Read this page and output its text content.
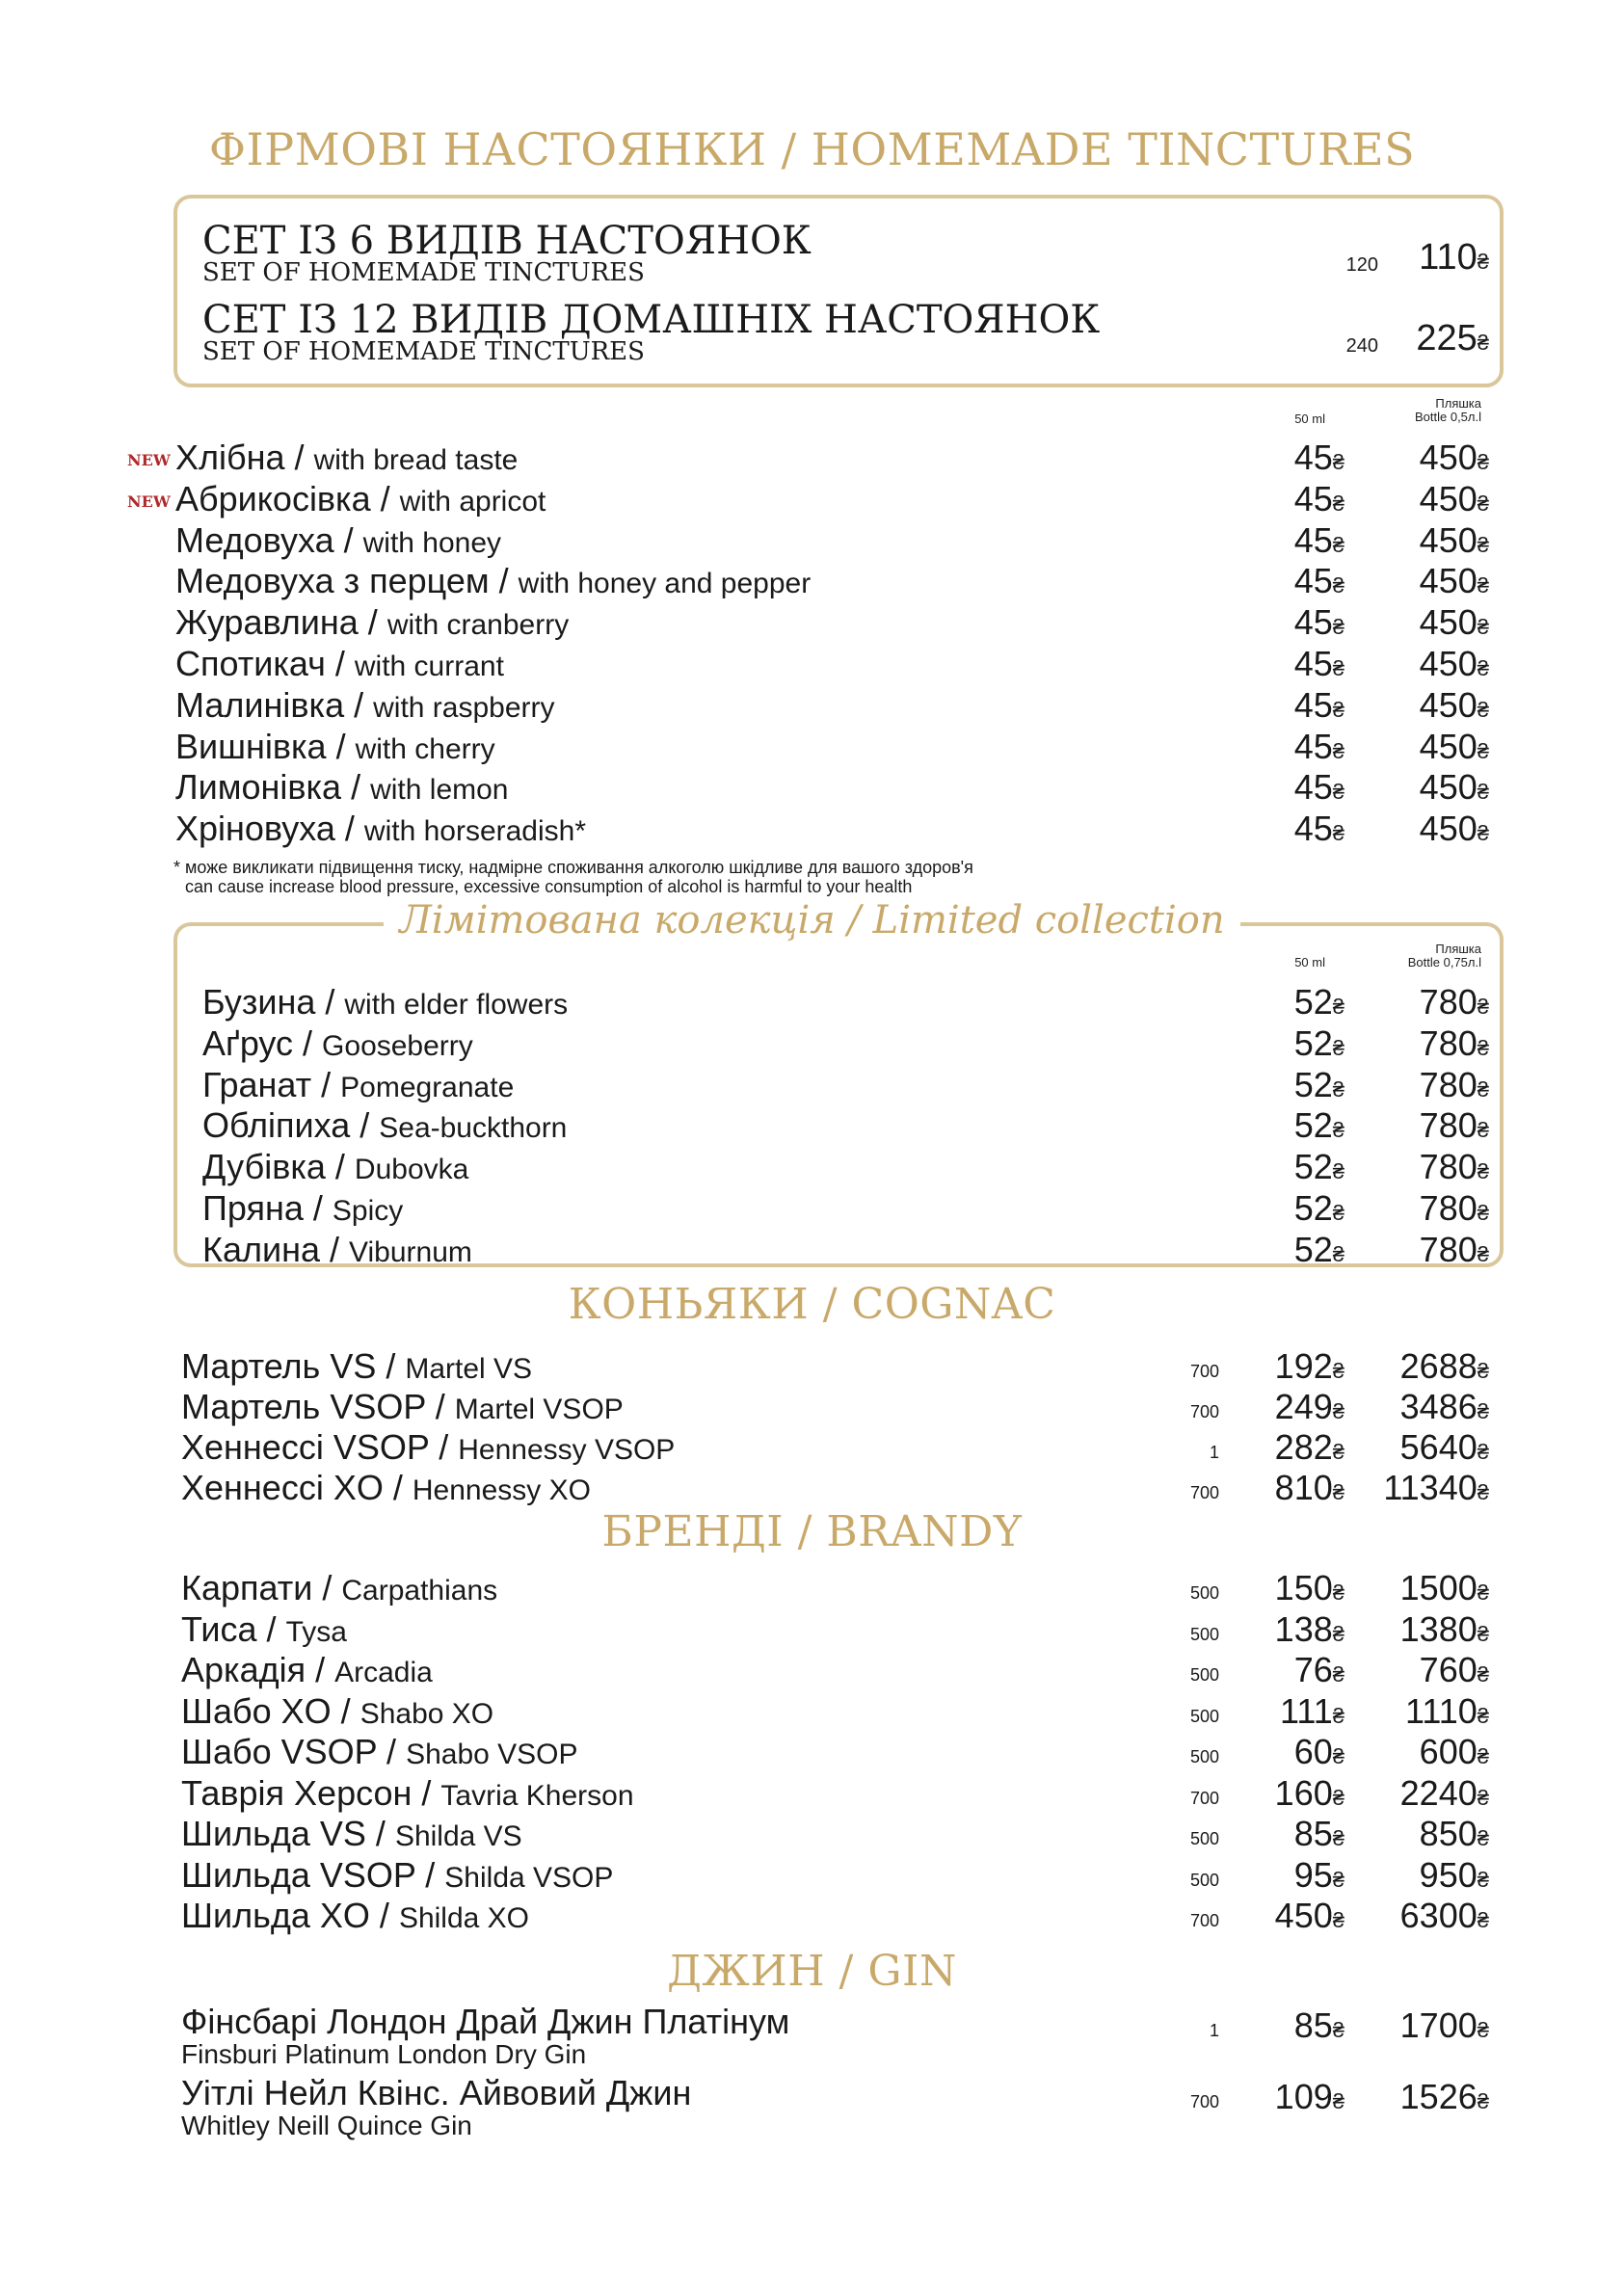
ФІРМОВІ НАСТОЯНКИ / HOMEMADE TINCTURES
СЕТ ІЗ 6 ВИДІВ НАСТОЯНОК
SET OF HOMEMADE TINCTURES	120 110₴
СЕТ ІЗ 12 ВИДІВ ДОМАШНІХ НАСТОЯНОК
SET OF HOMEMADE TINCTURES	240 225₴
50 ml
Пляшка
Bottle 0,5л.l
NEW Хлібна / with bread taste	45₴ 450₴
NEW Абрикосівка / with apricot	45₴ 450₴
Медовуха / with honey	45₴ 450₴
Медовуха з перцем / with honey and pepper	45₴ 450₴
Журавлина / with cranberry	45₴ 450₴
Спотикач / with currant	45₴ 450₴
Малинівка / with raspberry	45₴ 450₴
Вишнівка / with cherry	45₴ 450₴
Лимонівка / with lemon	45₴ 450₴
Хріновуха / with horseradish*	45₴ 450₴
* може викликати підвищення тиску, надмірне споживання алкоголю шкідливе для вашого здоров'я
can cause increase blood pressure, excessive consumption of alcohol is harmful to your health
Лімітована колекція / Limited collection
50 ml
Пляшка
Bottle 0,75л.l
Бузина / with elder flowers	52₴ 780₴
Аґрус / Gooseberry	52₴ 780₴
Гранат / Pomegranate	52₴ 780₴
Обліпиха / Sea-buckthorn	52₴ 780₴
Дубівка / Dubovka	52₴ 780₴
Пряна / Spicy	52₴ 780₴
Калина / Viburnum	52₴ 780₴
КОНЬЯКИ / COGNAC
Мартель VS / Martel VS	700 192₴ 2688₴
Мартель VSOP / Martel VSOP	700 249₴ 3486₴
Хеннессі VSOP / Hennessy VSOP	1 282₴ 5640₴
Хеннессі XO / Hennessy XO	700 810₴ 11340₴
БРЕНДІ / BRANDY
Карпати / Carpathians	500 150₴ 1500₴
Тиса / Tysa	500 138₴ 1380₴
Аркадія / Arcadia	500 76₴ 760₴
Шабо XO / Shabo XO	500 111₴ 1110₴
Шабо VSOP / Shabo VSOP	500 60₴ 600₴
Таврія Херсон / Tavria Kherson	700 160₴ 2240₴
Шильда VS / Shilda VS	500 85₴ 850₴
Шильда VSOP / Shilda VSOP	500 95₴ 950₴
Шильда XO / Shilda XO	700 450₴ 6300₴
ДЖИН / GIN
Фінсбарі Лондон Драй Джин Платінум
Finsburi Platinum London Dry Gin
1 85₴ 1700₴
Уітлі Нейл Квінс. Айвовий Джин
Whitley Neill Quince Gin
700 109₴ 1526₴
